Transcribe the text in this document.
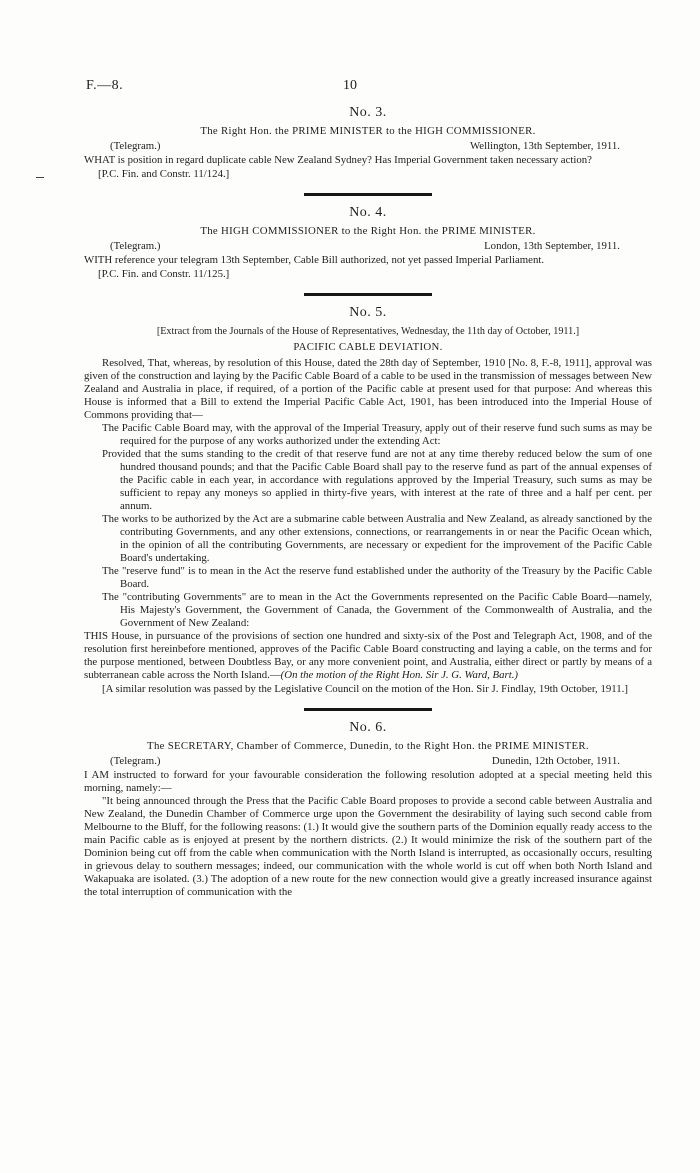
F.—8.	10
No. 3.
The Right Hon. the PRIME MINISTER to the HIGH COMMISSIONER.
(Telegram.)	Wellington, 13th September, 1911.

WHAT is position in regard duplicate cable New Zealand Sydney? Has Imperial Government taken necessary action?

[P.C. Fin. and Constr. 11/124.]

No. 4.
The HIGH COMMISSIONER to the Right Hon. the PRIME MINISTER.
(Telegram.)	London, 13th September, 1911.

WITH reference your telegram 13th September, Cable Bill authorized, not yet passed Imperial Parliament.

[P.C. Fin. and Constr. 11/125.]

No. 5.
[Extract from the Journals of the House of Representatives, Wednesday, the 11th day of October, 1911.]
PACIFIC CABLE DEVIATION.

Resolved, That, whereas, by resolution of this House, dated the 28th day of September, 1910 [No. 8, F.-8, 1911], approval was given of the construction and laying by the Pacific Cable Board of a cable to be used in the transmission of messages between New Zealand and Australia in place, if required, of a portion of the Pacific cable at present used for that purpose: And whereas this House is informed that a Bill to extend the Imperial Pacific Cable Act, 1901, has been introduced into the Imperial House of Commons providing that—

The Pacific Cable Board may, with the approval of the Imperial Treasury, apply out of their reserve fund such sums as may be required for the purpose of any works authorized under the extending Act:

Provided that the sums standing to the credit of that reserve fund are not at any time thereby reduced below the sum of one hundred thousand pounds; and that the Pacific Cable Board shall pay to the reserve fund as part of the annual expenses of the Pacific cable in each year, in accordance with regulations approved by the Imperial Treasury, such sums as may be sufficient to repay any moneys so applied in thirty-five years, with interest at the rate of three and a half per cent. per annum.

The works to be authorized by the Act are a submarine cable between Australia and New Zealand, as already sanctioned by the contributing Governments, and any other extensions, connections, or rearrangements in or near the Pacific Ocean which, in the opinion of all the contributing Governments, are necessary or expedient for the improvement of the Pacific Cable Board's undertaking.

The "reserve fund" is to mean in the Act the reserve fund established under the authority of the Treasury by the Pacific Cable Board.

The "contributing Governments" are to mean in the Act the Governments represented on the Pacific Cable Board—namely, His Majesty's Government, the Government of Canada, the Government of the Commonwealth of Australia, and the Government of New Zealand:

THIS House, in pursuance of the provisions of section one hundred and sixty-six of the Post and Telegraph Act, 1908, and of the resolution first hereinbefore mentioned, approves of the Pacific Cable Board constructing and laying a cable, on the terms and for the purpose mentioned, between Doubtless Bay, or any more convenient point, and Australia, either direct or partly by means of a subterranean cable across the North Island.—(On the motion of the Right Hon. Sir J. G. Ward, Bart.)

[A similar resolution was passed by the Legislative Council on the motion of the Hon. Sir J. Findlay, 19th October, 1911.]

No. 6.
The SECRETARY, Chamber of Commerce, Dunedin, to the Right Hon. the PRIME MINISTER.
(Telegram.)	Dunedin, 12th October, 1911.

I AM instructed to forward for your favourable consideration the following resolution adopted at a special meeting held this morning, namely:—

"It being announced through the Press that the Pacific Cable Board proposes to provide a second cable between Australia and New Zealand, the Dunedin Chamber of Commerce urge upon the Government the desirability of laying such second cable from Melbourne to the Bluff, for the following reasons: (1.) It would give the southern parts of the Dominion equally ready access to the main Pacific cable as is enjoyed at present by the northern districts. (2.) It would minimize the risk of the southern part of the Dominion being cut off from the cable when communication with the North Island is interrupted, as occasionally occurs, resulting in grievous delay to southern messages; indeed, our communication with the whole world is cut off when both North Island and Wakapuaka are isolated. (3.) The adoption of a new route for the new connection would give a greatly increased insurance against the total interruption of communication with the
